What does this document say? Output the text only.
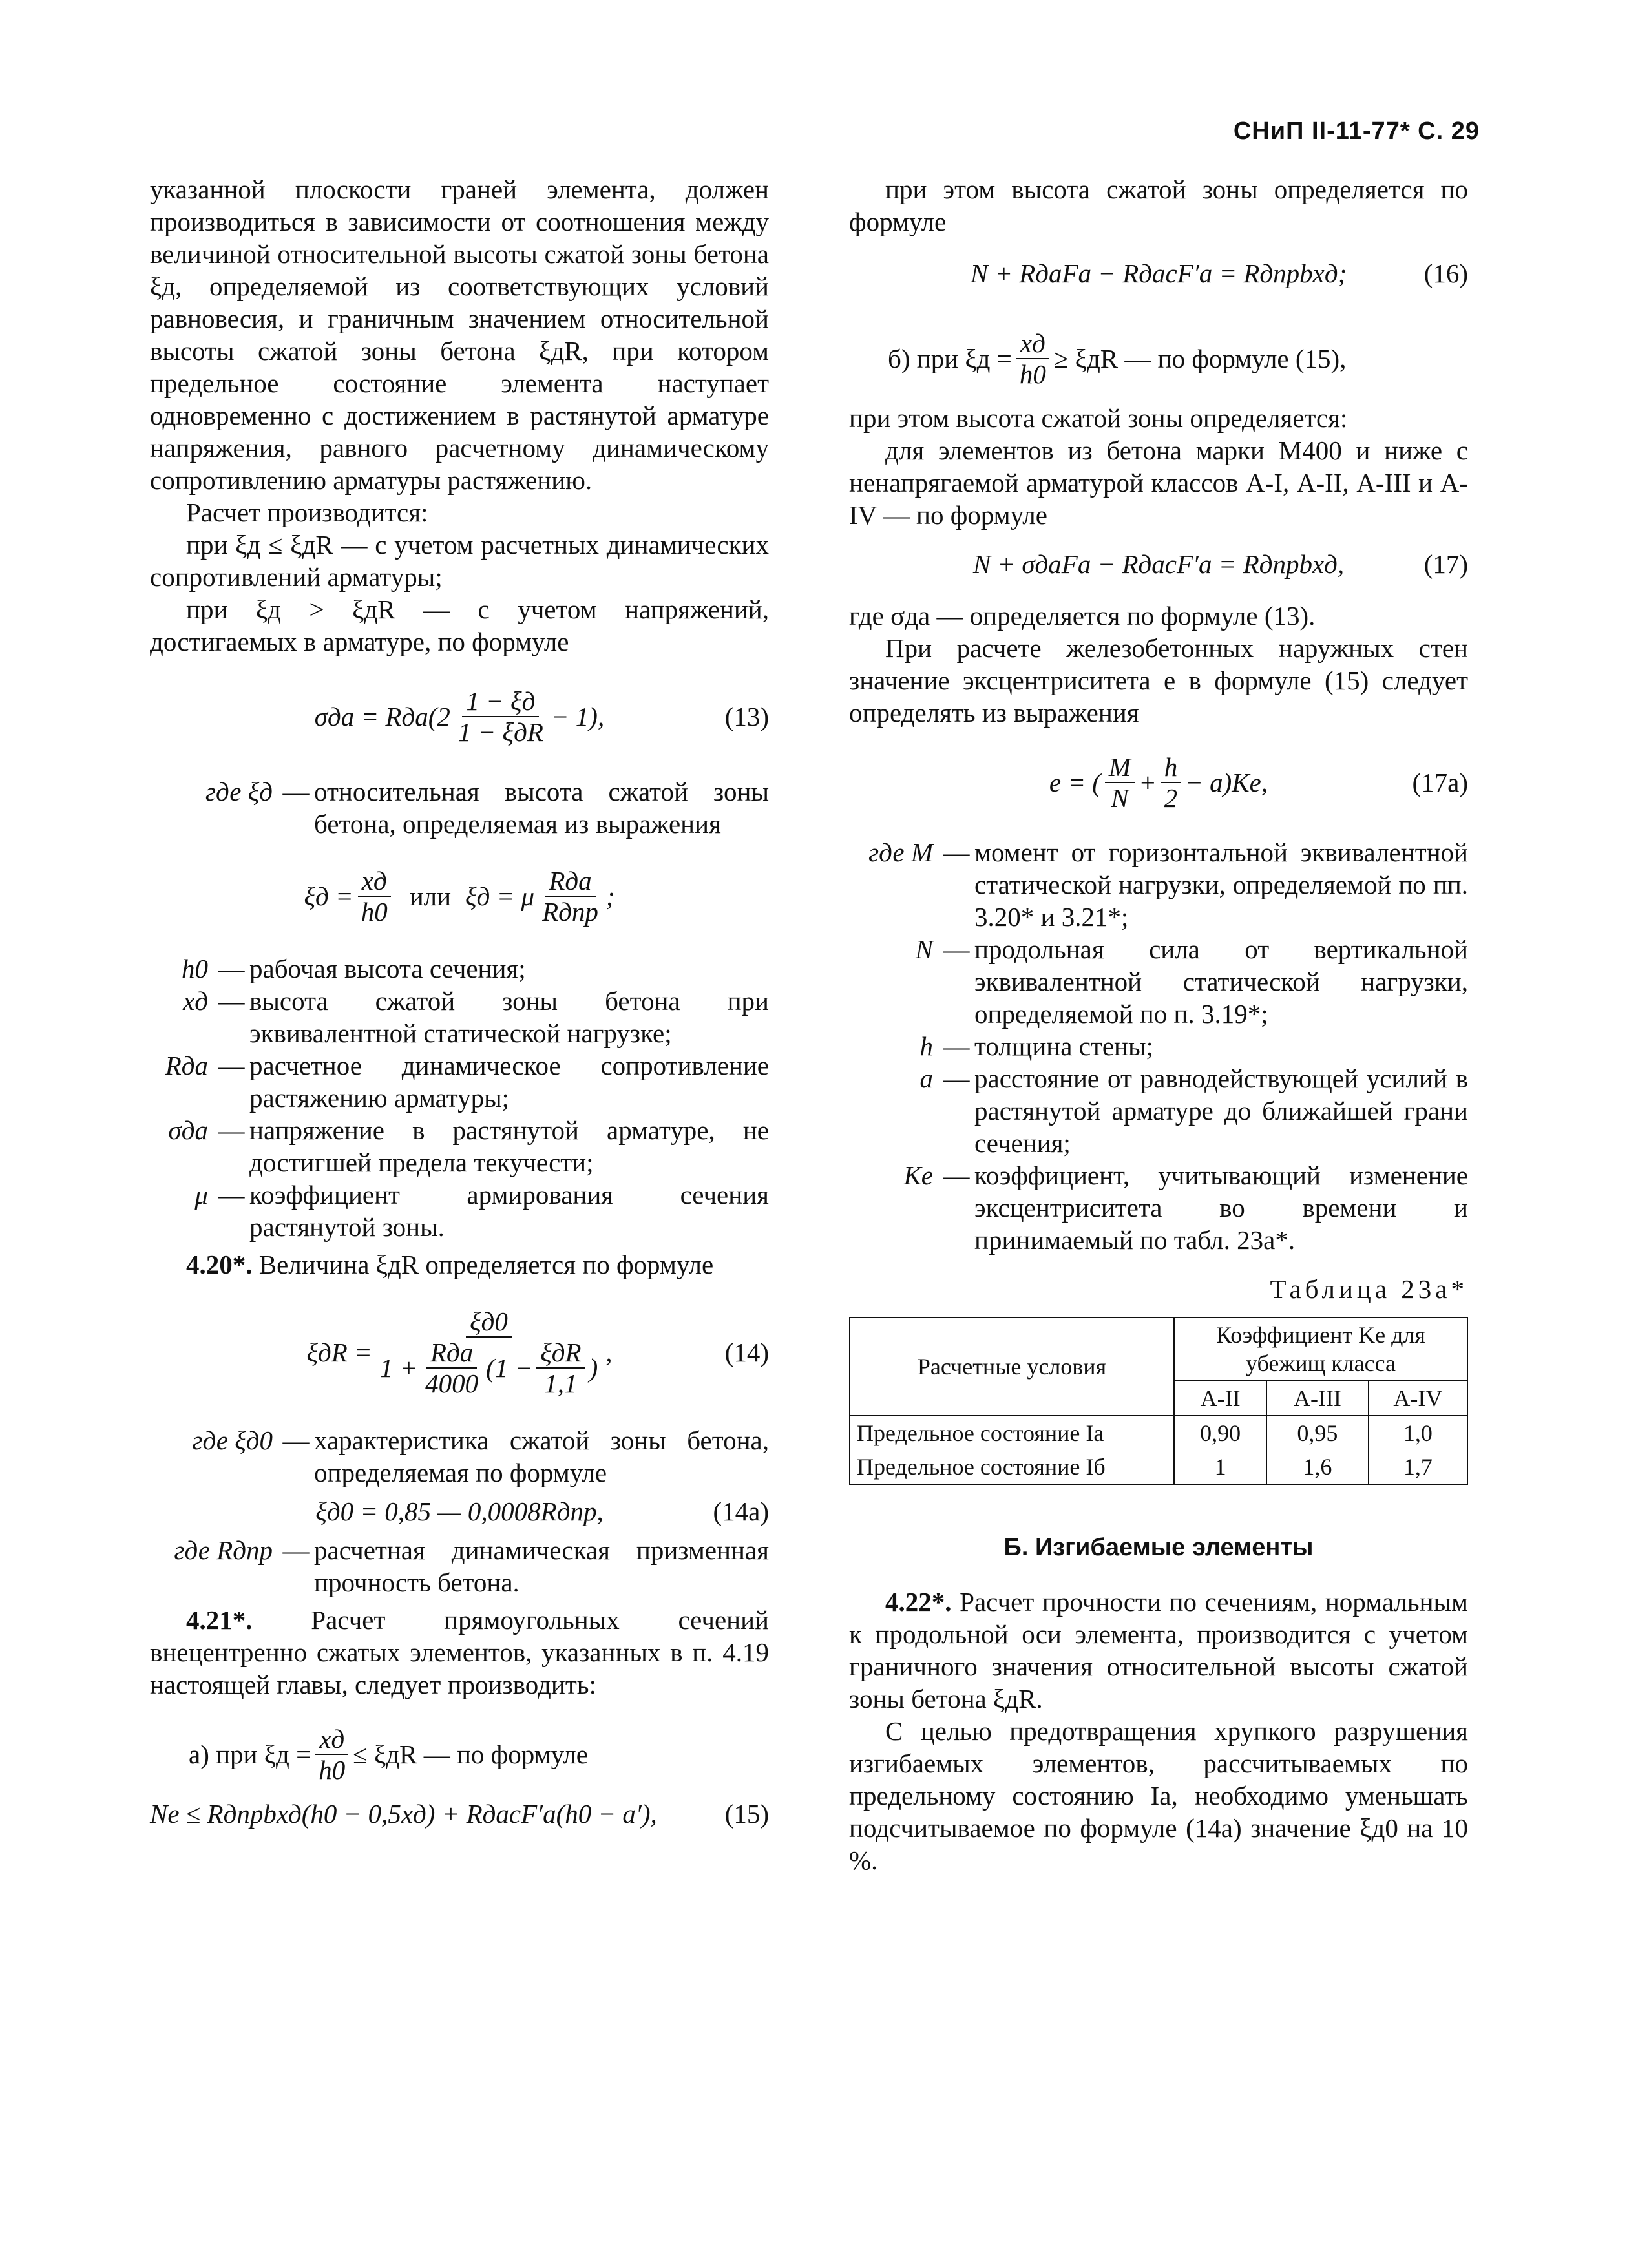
СНиП II-11-77* С. 29

указанной плоскости граней элемента, должен производиться в зависимости от соотношения между величиной относительной высоты сжатой зоны бетона ξд, определяемой из соответствующих условий равновесия, и граничным значением относительной высоты сжатой зоны бетона ξдR, при котором предельное состояние элемента наступает одновременно с достижением в растянутой арматуре напряжения, равного расчетному динамическому сопротивлению арматуры растяжению.

Расчет производится:

при ξд ≤ ξдR — с учетом расчетных динамических сопротивлений арматуры;

при ξд > ξдR — с учетом напряжений, достигаемых в арматуре, по формуле

$\sigma да = Rда(2 \frac{1 - \xi д}{\text{1 − ξдR}} - 1)$,	(13)
где ξд — относительная высота сжатой зоны бетона, определяемая из выражения
$\xi д = \frac{xд}{h0}$ или ξд = μ $\frac{\text{Rда}}{\text{Rдпр}}$ ;
h0 — рабочая высота сечения;
xд — высота сжатой зоны бетона при эквивалентной статической нагрузке;
Rда — расчетное динамическое сопротивление растяжению арматуры;
σда — напряжение в растянутой арматуре, не достигшей предела текучести;
μ — коэффициент армирования сечения растянутой зоны.

4.20*. Величина ξдR определяется по формуле

ξдR =
ξд0
$1 + \frac{\text{Rда}}{4000} (1 - \frac{\text{ξдR}}{1,1}$ )
,	(14)
где ξд0 — характеристика сжатой зоны бетона, определяемая по формуле
ξд0 = 0,85 — 0,0008Rдпр,	(14а)
где Rдпр — расчетная динамическая призменная прочность бетона.

4.21*. Расчет прямоугольных сечений внецентренно сжатых элементов, указанных в п. 4.19 настоящей главы, следует производить:

а) при $\xi д = \frac{xд}{h0} \le \xi дR$ — по формуле
Ne ≤ Rдпрbxд(h0 − 0,5xд) + RдacF′a(h0 − a′),	(15)

при этом высота сжатой зоны определяется по формуле

N + RдaFa − RдacF′a = Rдпрbxд;	(16)
б) при $\xi д = \frac{xд}{h0} \ge \xi дR$ — по формуле (15),

при этом высота сжатой зоны определяется:

для элементов из бетона марки М400 и ниже с ненапрягаемой арматурой классов А-I, А-II, А-III и А-IV — по формуле

N + σдaFa − RдacF′a = Rдпрbxд,	(17)

где σда — определяется по формуле (13).

При расчете железобетонных наружных стен значение эксцентриситета e в формуле (15) следует определять из выражения

e = ( $\frac{M}{N} + \frac{h}{2} - a)Ke$,	(17а)
где M — момент от горизонтальной эквивалентной статической нагрузки, определяемой по пп. 3.20* и 3.21*;
N — продольная сила от вертикальной эквивалентной статической нагрузки, определяемой по п. 3.19*;
h — толщина стены;
a — расстояние от равнодействующей усилий в растянутой арматуре до ближайшей грани сечения;
Ke — коэффициент, учитывающий изменение эксцентриситета во времени и принимаемый по табл. 23а*.
Таблица 23а*
Расчетные условия	Коэффициент Ke для убежищ класса		
	А-II	А-III	А-IV
Предельное состояние Iа	0,90	0,95	1,0
Предельное состояние Iб	1	1,6	1,7
Б. Изгибаемые элементы

4.22*. Расчет прочности по сечениям, нормальным к продольной оси элемента, производится с учетом граничного значения относительной высоты сжатой зоны бетона ξдR.

С целью предотвращения хрупкого разрушения изгибаемых элементов, рассчитываемых по предельному состоянию Iа, необходимо уменьшать подсчитываемое по формуле (14а) значение ξд0 на 10 %.
